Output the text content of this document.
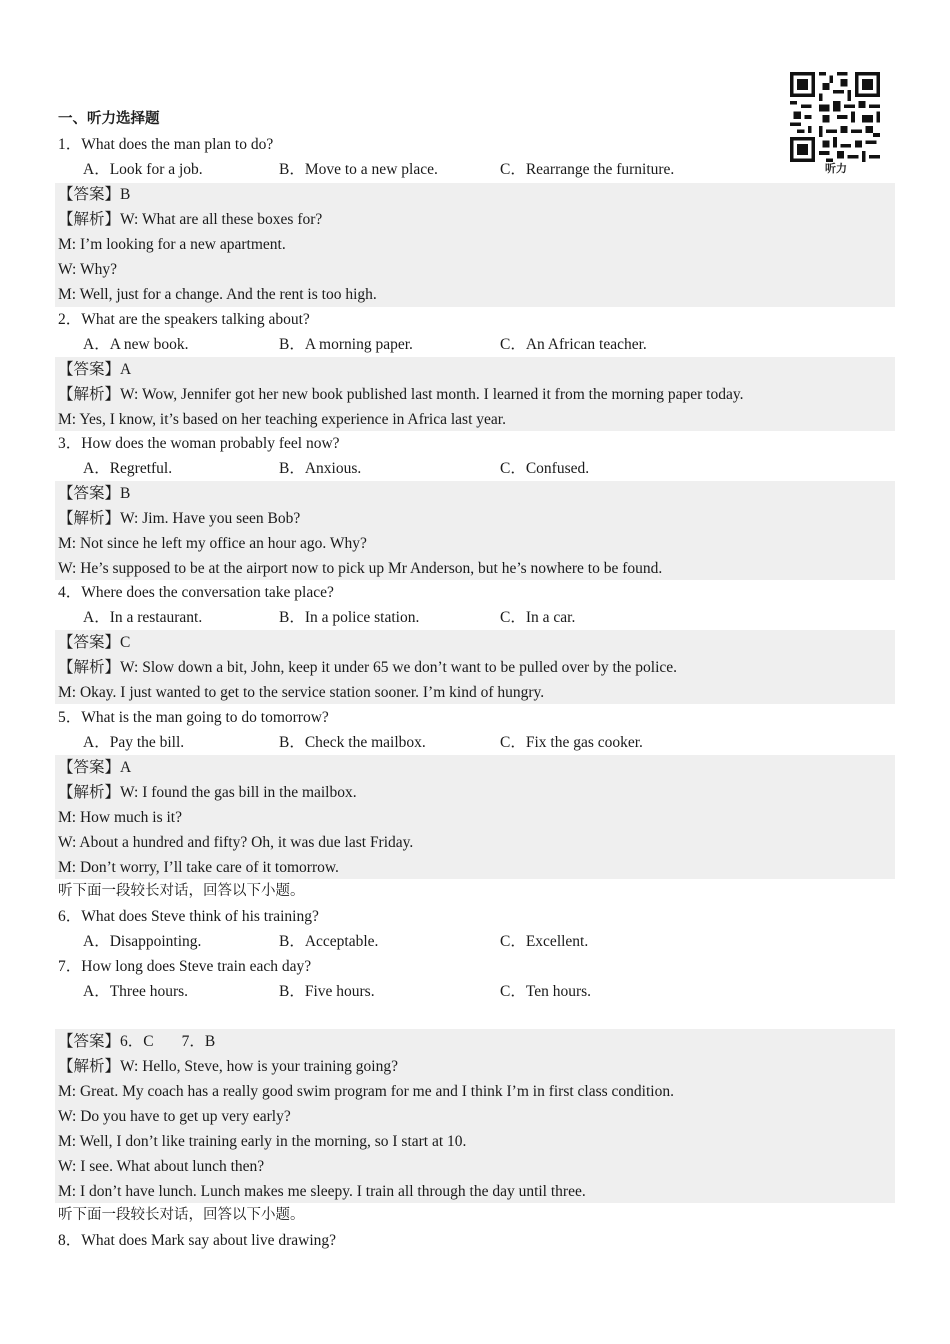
听力
一、听力选择题
1．What does the man plan to do?
A．Look for a job.	B．Move to a new place.	C．Rearrange the furniture.
【答案】B
【解析】W: What are all these boxes for?
M: I’m looking for a new apartment.
W: Why?
M: Well, just for a change. And the rent is too high.
2．What are the speakers talking about?
A．A new book.	B．A morning paper.	C．An African teacher.
【答案】A
【解析】W: Wow, Jennifer got her new book published last month. I learned it from the morning paper today.
M: Yes, I know, it’s based on her teaching experience in Africa last year.
3．How does the woman probably feel now?
A．Regretful.	B．Anxious.	C．Confused.
【答案】B
【解析】W: Jim. Have you seen Bob?
M: Not since he left my office an hour ago. Why?
W: He’s supposed to be at the airport now to pick up Mr Anderson, but he’s nowhere to be found.
4．Where does the conversation take place?
A．In a restaurant.	B．In a police station.	C．In a car.
【答案】C
【解析】W: Slow down a bit, John, keep it under 65 we don’t want to be pulled over by the police.
M: Okay. I just wanted to get to the service station sooner. I’m kind of hungry.
5．What is the man going to do tomorrow?
A．Pay the bill.	B．Check the mailbox.	C．Fix the gas cooker.
【答案】A
【解析】W: I found the gas bill in the mailbox.
M: How much is it?
W: About a hundred and fifty? Oh, it was due last Friday.
M: Don’t worry, I’ll take care of it tomorrow.
听下面一段较长对话，回答以下小题。
6．What does Steve think of his training?
A．Disappointing.	B．Acceptable.	C．Excellent.
7．How long does Steve train each day?
A．Three hours.	B．Five hours.	C．Ten hours.
【答案】6．C 7．B
【解析】W: Hello, Steve, how is your training going?
M: Great. My coach has a really good swim program for me and I think I’m in first class condition.
W: Do you have to get up very early?
M: Well, I don’t like training early in the morning, so I start at 10.
W: I see. What about lunch then?
M: I don’t have lunch. Lunch makes me sleepy. I train all through the day until three.
听下面一段较长对话，回答以下小题。
8．What does Mark say about live drawing?
